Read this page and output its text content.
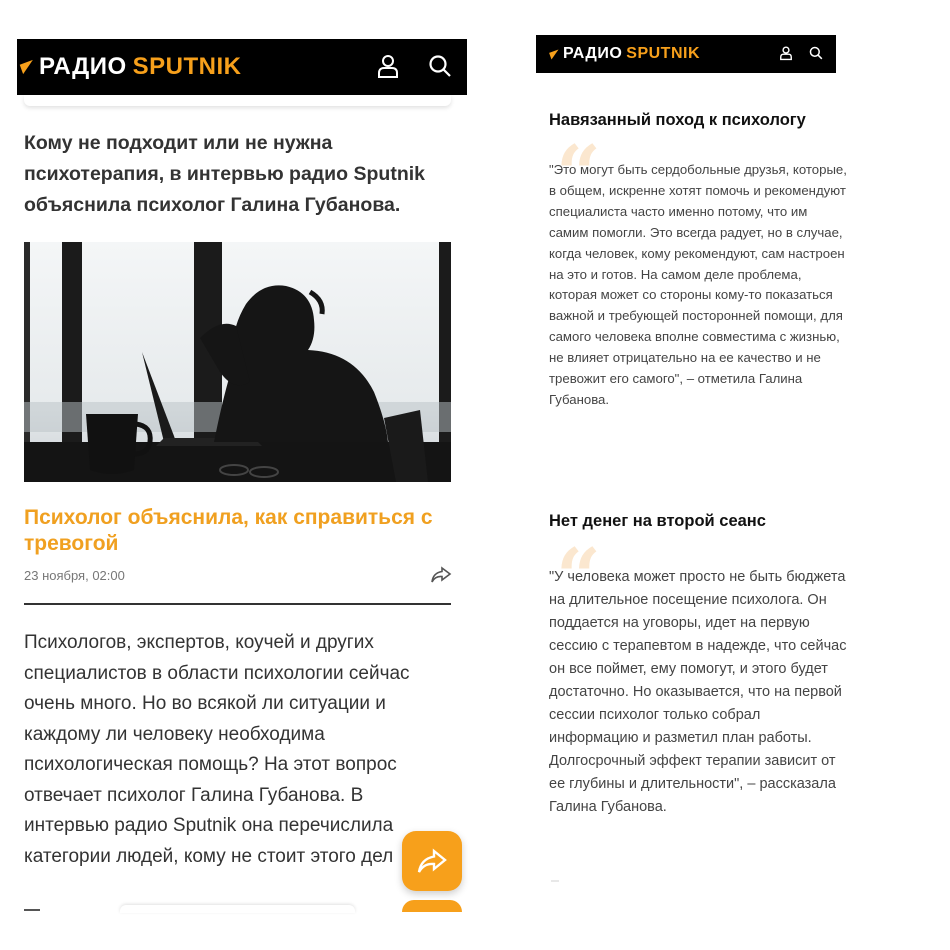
РАДИО SPUTNIK

Кому не подходит или не нужна психотерапия, в интервью радио Sputnik объяснила психолог Галина Губанова.

Психолог объяснила, как справиться с тревогой
23 ноября, 02:00

Психологов, экспертов, коучей и других специалистов в области психологии сейчас очень много. Но во всякой ли ситуации и каждому ли человеку необходима психологическая помощь? На этот вопрос отвечает психолог Галина Губанова. В интервью радио Sputnik она перечислила категории людей, кому не стоит этого дел

РАДИО SPUTNIK
Навязанный поход к психологу
“

"Это могут быть сердобольные друзья, которые, в общем, искренне хотят помочь и рекомендуют специалиста часто именно потому, что им самим помогли. Это всегда радует, но в случае, когда человек, кому рекомендуют, сам настроен на это и готов. На самом деле проблема, которая может со стороны кому-то показаться важной и требующей посторонней помощи, для самого человека вполне совместима с жизнью, не влияет отрицательно на ее качество и не тревожит его самого", – отметила Галина Губанова.

Нет денег на второй сеанс
“

"У человека может просто не быть бюджета на длительное посещение психолога. Он поддается на уговоры, идет на первую сессию с терапевтом в надежде, что сейчас он все поймет, ему помогут, и этого будет достаточно. Но оказывается, что на первой сессии психолог только собрал информацию и разметил план работы. Долгосрочный эффект терапии зависит от ее глубины и длительности", – рассказала Галина Губанова.
